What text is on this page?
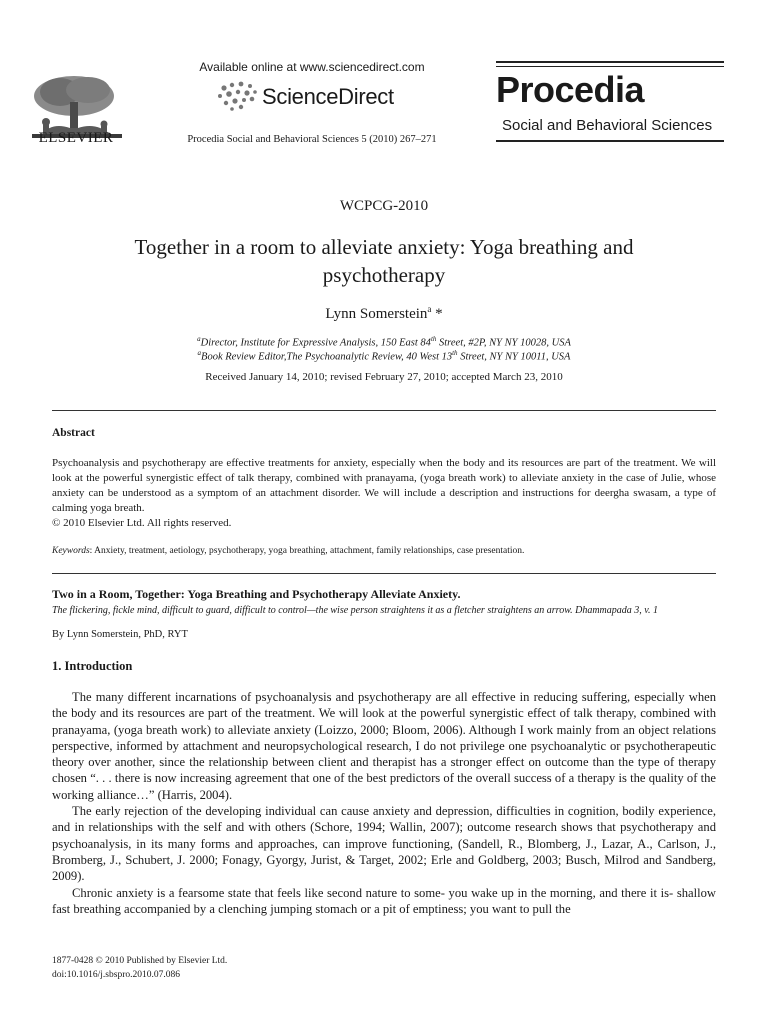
ELSEVIER
Available online at www.sciencedirect.com
ScienceDirect
Procedia Social and Behavioral Sciences 5 (2010) 267–271
Procedia
Social and Behavioral Sciences
WCPCG-2010
Together in a room to alleviate anxiety: Yoga breathing and psychotherapy
Lynn Somerstein$^a$ *
$^a$Director, Institute for Expressive Analysis, 150 East 84th Street, #2P, NY NY 10028, USA
$^a$Book Review Editor,The Psychoanalytic Review, 40 West 13th Street, NY NY 10011, USA
Received January 14, 2010; revised February 27, 2010; accepted March 23, 2010
Abstract
Psychoanalysis and psychotherapy are effective treatments for anxiety, especially when the body and its resources are part of the treatment. We will look at the powerful synergistic effect of talk therapy, combined with pranayama, (yoga breath work) to alleviate anxiety in the case of Julie, whose anxiety can be understood as a symptom of an attachment disorder. We will include a description and instructions for deergha swasam, a type of calming yoga breath.
© 2010 Elsevier Ltd. All rights reserved.
Keywords: Anxiety, treatment, aetiology, psychotherapy, yoga breathing, attachment, family relationships, case presentation.
Two in a Room, Together: Yoga Breathing and Psychotherapy Alleviate Anxiety.
The flickering, fickle mind, difficult to guard, difficult to control—the wise person straightens it as a fletcher straightens an arrow. Dhammapada 3, v. 1
By Lynn Somerstein, PhD, RYT
1. Introduction

The many different incarnations of psychoanalysis and psychotherapy are all effective in reducing suffering, especially when the body and its resources are part of the treatment. We will look at the powerful synergistic effect of talk therapy, combined with pranayama, (yoga breath work) to alleviate anxiety (Loizzo, 2000; Bloom, 2006). Although I work mainly from an object relations perspective, informed by attachment and neuropsychological research, I do not privilege one psychoanalytic or psychotherapeutic theory over another, since the relationship between client and therapist has a stronger effect on outcome than the type of therapy chosen “. . . there is now increasing agreement that one of the best predictors of the overall success of a therapy is the quality of the working alliance…” (Harris, 2004).

The early rejection of the developing individual can cause anxiety and depression, difficulties in cognition, bodily experience, and in relationships with the self and with others (Schore, 1994; Wallin, 2007); outcome research shows that psychotherapy and psychoanalysis, in its many forms and approaches, can improve functioning, (Sandell, R., Blomberg, J., Lazar, A., Carlson, J., Bromberg, J., Schubert, J. 2000; Fonagy, Gyorgy, Jurist, & Target, 2002; Erle and Goldberg, 2003; Busch, Milrod and Sandberg, 2009).

Chronic anxiety is a fearsome state that feels like second nature to some- you wake up in the morning, and there it is- shallow fast breathing accompanied by a clenching jumping stomach or a pit of emptiness; you want to pull the

1877-0428 © 2010 Published by Elsevier Ltd.
doi:10.1016/j.sbspro.2010.07.086
